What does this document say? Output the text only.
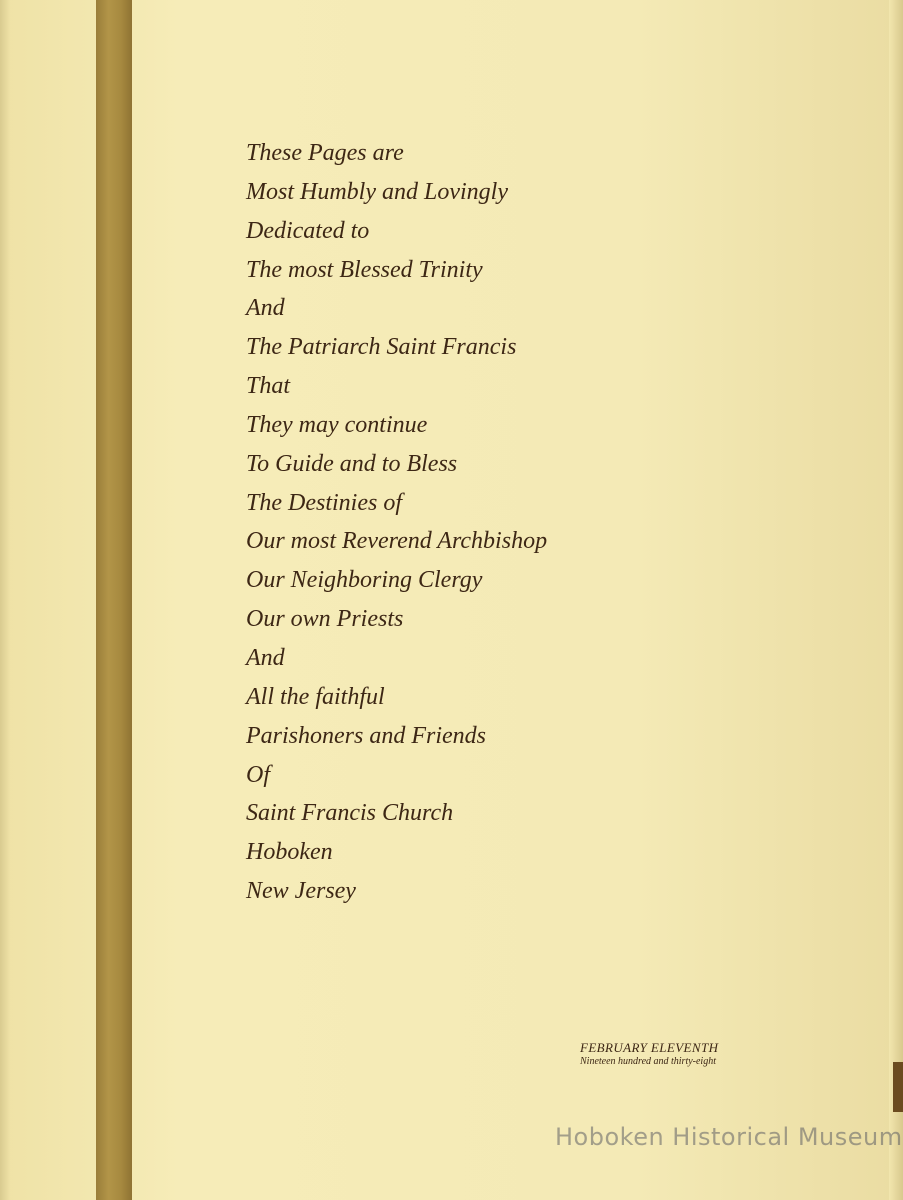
These Pages are
Most Humbly and Lovingly
Dedicated to
The most Blessed Trinity
And
The Patriarch Saint Francis
That
They may continue
To Guide and to Bless
The Destinies of
Our most Reverend Archbishop
Our Neighboring Clergy
Our own Priests
And
All the faithful
Parishoners and Friends
Of
Saint Francis Church
Hoboken
New Jersey
FEBRUARY ELEVENTH
Nineteen hundred and thirty-eight
Hoboken Historical Museum
